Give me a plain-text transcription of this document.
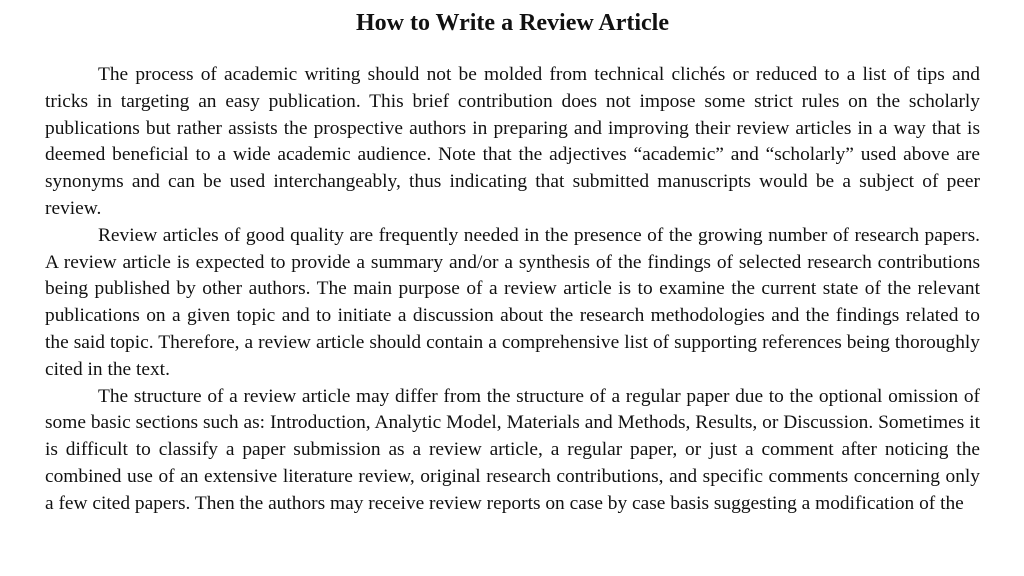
How to Write a Review Article

The process of academic writing should not be molded from technical clichés or reduced to a list of tips and tricks in targeting an easy publication. This brief contribution does not impose some strict rules on the scholarly publications but rather assists the prospective authors in preparing and improving their review articles in a way that is deemed beneficial to a wide academic audience. Note that the adjectives “academic” and “scholarly” used above are synonyms and can be used interchangeably, thus indicating that submitted manuscripts would be a subject of peer review.

Review articles of good quality are frequently needed in the presence of the growing number of research papers. A review article is expected to provide a summary and/or a synthesis of the findings of selected research contributions being published by other authors. The main purpose of a review article is to examine the current state of the relevant publications on a given topic and to initiate a discussion about the research methodologies and the findings related to the said topic. Therefore, a review article should contain a comprehensive list of supporting references being thoroughly cited in the text.

The structure of a review article may differ from the structure of a regular paper due to the optional omission of some basic sections such as: Introduction, Analytic Model, Materials and Methods, Results, or Discussion. Sometimes it is difficult to classify a paper submission as a review article, a regular paper, or just a comment after noticing the combined use of an extensive literature review, original research contributions, and specific comments concerning only a few cited papers. Then the authors may receive review reports on case by case basis suggesting a modification of the
